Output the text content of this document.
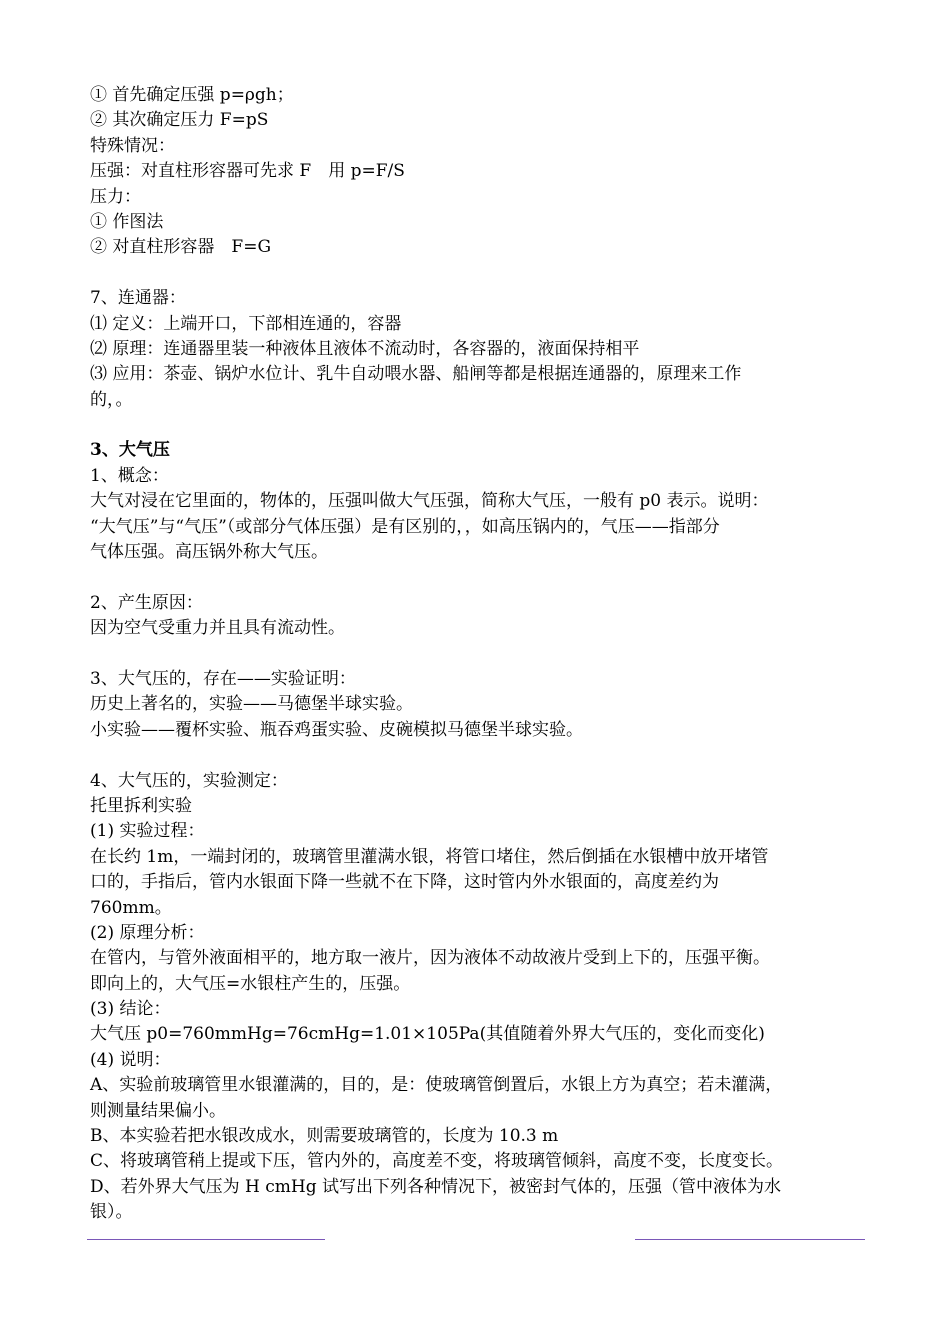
① 首先确定压强 p=ρgh；
② 其次确定压力 F=pS
特殊情况：
压强：对直柱形容器可先求 F　用 p=F/S
压力：
① 作图法
② 对直柱形容器　F=G
7、连通器：
⑴ 定义：上端开口，下部相连通的，容器
⑵ 原理：连通器里装一种液体且液体不流动时，各容器的，液面保持相平
⑶ 应用：茶壶、锅炉水位计、乳牛自动喂水器、船闸等都是根据连通器的，原理来工作
的，。
3、大气压
1、概念：
大气对浸在它里面的，物体的，压强叫做大气压强，简称大气压，一般有 p0 表示。说明：
“大气压”与“气压”（或部分气体压强）是有区别的，，如高压锅内的，气压——指部分
气体压强。高压锅外称大气压。
2、产生原因：
因为空气受重力并且具有流动性。
3、大气压的，存在——实验证明：
历史上著名的，实验——马德堡半球实验。
小实验——覆杯实验、瓶吞鸡蛋实验、皮碗模拟马德堡半球实验。
4、大气压的，实验测定：
托里拆利实验
(1) 实验过程：
在长约 1m，一端封闭的，玻璃管里灌满水银，将管口堵住，然后倒插在水银槽中放开堵管
口的，手指后，管内水银面下降一些就不在下降，这时管内外水银面的，高度差约为
760mm。
(2) 原理分析：
在管内，与管外液面相平的，地方取一液片，因为液体不动故液片受到上下的，压强平衡。
即向上的，大气压=水银柱产生的，压强。
(3) 结论：
大气压 p0=760mmHg=76cmHg=1.01×105Pa(其值随着外界大气压的，变化而变化)
(4) 说明：
A、实验前玻璃管里水银灌满的，目的，是：使玻璃管倒置后，水银上方为真空；若未灌满，
则测量结果偏小。
B、本实验若把水银改成水，则需要玻璃管的，长度为 10.3 m
C、将玻璃管稍上提或下压，管内外的，高度差不变，将玻璃管倾斜，高度不变，长度变长。
D、若外界大气压为 H cmHg 试写出下列各种情况下，被密封气体的，压强（管中液体为水
银）。
